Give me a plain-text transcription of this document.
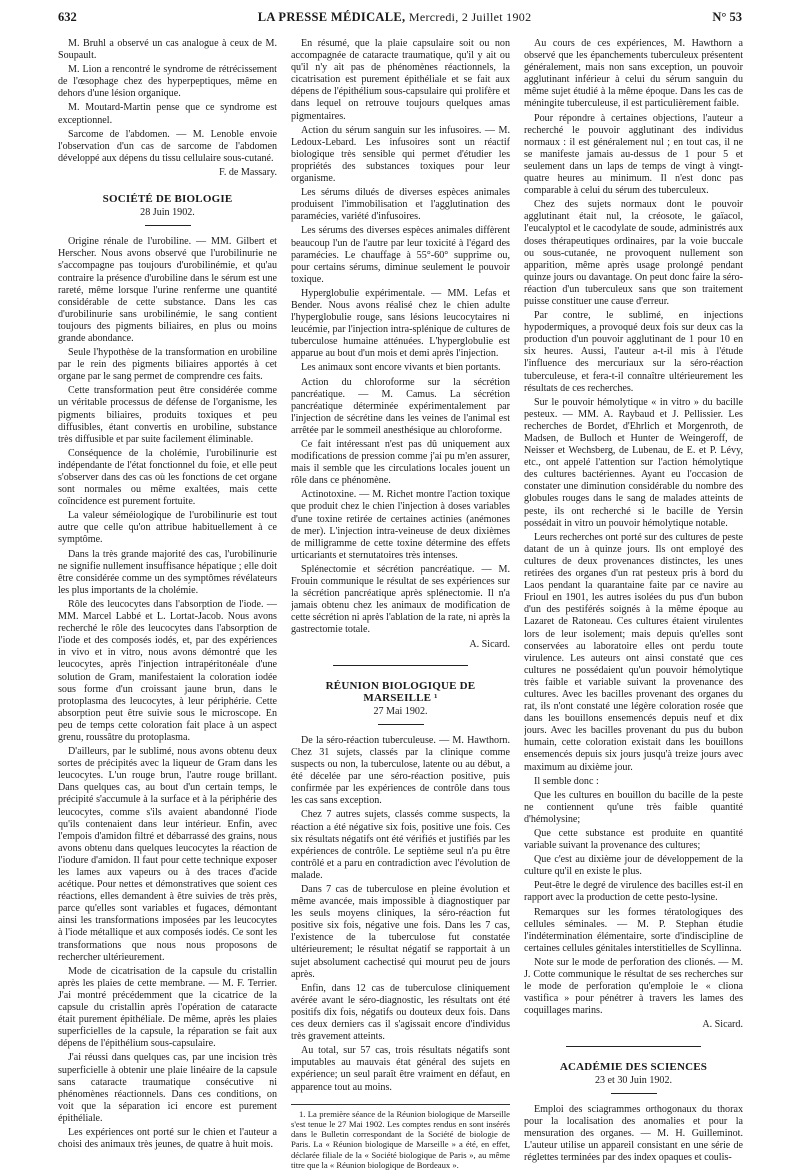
632	LA PRESSE MÉDICALE, Mercredi, 2 Juillet 1902	N° 53

M. Bruhl a observé un cas analogue à ceux de M. Soupault.

M. Lion a rencontré le syndrome de rétrécissement de l'œsophage chez des hyperpeptiques, même en dehors d'une lésion organique.

M. Moutard-Martin pense que ce syndrome est exceptionnel.

Sarcome de l'abdomen. — M. Lenoble envoie l'observation d'un cas de sarcome de l'abdomen développé aux dépens du tissu cellulaire sous-cutané.

F. de Massary.

SOCIÉTÉ DE BIOLOGIE
28 Juin 1902.

Origine rénale de l'urobiline. — MM. Gilbert et Herscher. Nous avons observé que l'urobilinurie ne s'accompagne pas toujours d'urobilinémie, et qu'au contraire la présence d'urobiline dans le sérum est une rareté, même lorsque l'urine renferme une quantité considérable de cette substance. Dans les cas d'urobilinurie sans urobilinémie, le sang contient toujours des pigments biliaires, en plus ou moins grande abondance.

Seule l'hypothèse de la transformation en urobiline par le rein des pigments biliaires apportés à cet organe par le sang permet de comprendre ces faits.

Cette transformation peut être considérée comme un véritable processus de défense de l'organisme, les pigments biliaires, produits toxiques et peu diffusibles, étant convertis en urobiline, substance très diffusible et par suite facilement éliminable.

Conséquence de la cholémie, l'urobilinurie est indépendante de l'état fonctionnel du foie, et elle peut s'observer dans des cas où les fonctions de cet organe sont normales ou même exaltées, mais cette coïncidence est purement fortuite.

La valeur séméiologique de l'urobilinurie est tout autre que celle qu'on attribue habituellement à ce symptôme.

Dans la très grande majorité des cas, l'urobilinurie ne signifie nullement insuffisance hépatique ; elle doit être considérée comme un des symptômes révélateurs les plus importants de la cholémie.

Rôle des leucocytes dans l'absorption de l'iode. — MM. Marcel Labbé et L. Lortat-Jacob. Nous avons recherché le rôle des leucocytes dans l'absorption de l'iode et des composés iodés, et, par des expériences in vivo et in vitro, nous avons démontré que les leucocytes, après l'injection intrapéritonéale d'une solution de Gram, manifestaient la coloration iodée sous forme d'un croissant jaune brun, dans le protoplasma des leucocytes, à leur périphérie. Cette absorption peut être suivie sous le microscope. En peu de temps cette coloration fait place à un aspect grenu, roussâtre du protoplasma.

D'ailleurs, par le sublimé, nous avons obtenu deux sortes de précipités avec la liqueur de Gram dans les leucocytes. L'un rouge brun, l'autre rouge brillant. Dans quelques cas, au bout d'un certain temps, le précipité s'accumule à la surface et à la périphérie des leucocytes, comme s'ils avaient abandonné l'iode qu'ils contenaient dans leur intérieur. Enfin, avec l'empois d'amidon filtré et débarrassé des grains, nous avons obtenu dans quelques leucocytes la réaction de l'iodure d'amidon. Il faut pour cette technique exposer les lames aux vapeurs ou à des traces d'acide acétique. Pour nettes et démonstratives que soient ces réactions, elles demandent à être suivies de très près, parce qu'elles sont variables et fugaces, démontant ainsi les transformations imposées par les leucocytes à l'iode métallique et aux composés iodés. Ce sont les transformations que nous nous proposons de rechercher ultérieurement.

Mode de cicatrisation de la capsule du cristallin après les plaies de cette membrane. — M. F. Terrier. J'ai montré précédemment que la cicatrice de la capsule du cristallin après l'opération de cataracte était purement épithéliale. De même, après les plaies superficielles de la capsule, la réparation se fait aux dépens de l'épithélium sous-capsulaire.

J'ai réussi dans quelques cas, par une incision très superficielle à obtenir une plaie linéaire de la capsule sans cataracte traumatique consécutive ni phénomènes réactionnels. Dans ces conditions, on voit que la séparation ici encore est purement épithéliale.

Les expériences ont porté sur le chien et l'auteur a choisi des animaux très jeunes, de quatre à huit mois.

En résumé, que la plaie capsulaire soit ou non accompagnée de cataracte traumatique, qu'il y ait ou qu'il n'y ait pas de phénomènes réactionnels, la cicatrisation est purement épithéliale et se fait aux dépens de l'épithélium sous-capsulaire qui prolifère et dans lequel on retrouve toujours quelques amas pigmentaires.

Action du sérum sanguin sur les infusoires. — M. Ledoux-Lebard. Les infusoires sont un réactif biologique très sensible qui permet d'étudier les propriétés des substances toxiques pour leur organisme.

Les sérums dilués de diverses espèces animales produisent l'immobilisation et l'agglutination des paramécies, variété d'infusoires.

Les sérums des diverses espèces animales diffèrent beaucoup l'un de l'autre par leur toxicité à l'égard des paramécies. Le chauffage à 55°-60° supprime ou, pour certains sérums, diminue seulement le pouvoir toxique.

Hyperglobulie expérimentale. — MM. Lefas et Bender. Nous avons réalisé chez le chien adulte l'hyperglobulie rouge, sans lésions leucocytaires ni leucémie, par l'injection intra-splénique de cultures de tuberculose humaine atténuées. L'hyperglobulie est apparue au bout d'un mois et demi après l'injection.

Les animaux sont encore vivants et bien portants.

Action du chloroforme sur la sécrétion pancréatique. — M. Camus. La sécrétion pancréatique déterminée expérimentalement par l'injection de sécrétine dans les veines de l'animal est arrêtée par le sommeil anesthésique au chloroforme.

Ce fait intéressant n'est pas dû uniquement aux modifications de pression comme j'ai pu m'en assurer, mais il semble que les circulations locales jouent un rôle dans ce phénomène.

Actinotoxine. — M. Richet montre l'action toxique que produit chez le chien l'injection à doses variables d'une toxine retirée de certaines actinies (anémones de mer). L'injection intra-veineuse de deux dixièmes de milligramme de cette toxine détermine des effets urticariants et sternutatoires très intenses.

Splénectomie et sécrétion pancréatique. — M. Frouin communique le résultat de ses expériences sur la sécrétion pancréatique après splénectomie. Il n'a jamais obtenu chez les animaux de modification de cette sécrétion ni après l'ablation de la rate, ni après la gastrectomie totale.

A. Sicard.

RÉUNION BIOLOGIQUE DE MARSEILLE ¹
27 Mai 1902.

De la séro-réaction tuberculeuse. — M. Hawthorn. Chez 31 sujets, classés par la clinique comme suspects ou non, la tuberculose, latente ou au début, a été décelée par une séro-réaction positive, puis confirmée par les expériences de contrôle dans tous les cas sans exception.

Chez 7 autres sujets, classés comme suspects, la réaction a été négative six fois, positive une fois. Ces six résultats négatifs ont été vérifiés et justifiés par les expériences de contrôle. Le septième seul n'a pu être contrôlé et a paru en contradiction avec l'évolution de malade.

Dans 7 cas de tuberculose en pleine évolution et même avancée, mais impossible à diagnostiquer par les seuls moyens cliniques, la séro-réaction fut positive six fois, négative une fois. Dans les 7 cas, l'existence de la tuberculose fut constatée ultérieurement; le résultat négatif se rapportait à un sujet absolument cachectisé qui mourut peu de jours après.

Enfin, dans 12 cas de tuberculose cliniquement avérée avant le séro-diagnostic, les résultats ont été positifs dix fois, négatifs ou douteux deux fois. Dans ces deux derniers cas il s'agissait encore d'individus très gravement atteints.

Au total, sur 57 cas, trois résultats négatifs sont imputables au mauvais état général des sujets en expérience; un seul paraît être vraiment en défaut, en apparence tout au moins.

1. La première séance de la Réunion biologique de Marseille s'est tenue le 27 Mai 1902. Les comptes rendus en sont insérés dans le Bulletin correspondant de la Société de biologie de Paris. La « Réunion biologique de Marseille » a été, en effet, déclarée filiale de la « Société biologique de Paris », au même titre que la « Réunion biologique de Bordeaux ».

Au cours de ces expériences, M. Hawthorn a observé que les épanchements tuberculeux présentent généralement, mais non sans exception, un pouvoir agglutinant inférieur à celui du sérum sanguin du même sujet étudié à la même époque. Dans les cas de méningite tuberculeuse, il est particulièrement faible.

Pour répondre à certaines objections, l'auteur a recherché le pouvoir agglutinant des individus normaux : il est généralement nul ; en tout cas, il ne se manifeste jamais au-dessus de 1 pour 5 et seulement dans un laps de temps de vingt à vingt-quatre heures au minimum. Il n'est donc pas comparable à celui du sérum des tuberculeux.

Chez des sujets normaux dont le pouvoir agglutinant était nul, la créosote, le gaïacol, l'eucalyptol et le cacodylate de soude, administrés aux doses thérapeutiques ordinaires, par la voie buccale ou sous-cutanée, ne provoquent nullement son apparition, même après usage prolongé pendant quinze jours ou davantage. On peut donc faire la séro-réaction d'un tuberculeux sans que son traitement puisse constituer une cause d'erreur.

Par contre, le sublimé, en injections hypodermiques, a provoqué deux fois sur deux cas la production d'un pouvoir agglutinant de 1 pour 10 en six heures. Aussi, l'auteur a-t-il mis à l'étude l'influence des mercuriaux sur la séro-réaction tuberculeuse, et fera-t-il connaître ultérieurement les résultats de ces recherches.

Sur le pouvoir hémolytique « in vitro » du bacille pesteux. — MM. A. Raybaud et J. Pellissier. Les recherches de Bordet, d'Ehrlich et Morgenroth, de Madsen, de Bulloch et Hunter de Weingeroff, de Neisser et Wechsberg, de Lubenau, de E. et P. Lévy, etc., ont appelé l'attention sur l'action hémolytique des cultures bactériennes. Ayant eu l'occasion de constater une diminution considérable du nombre des globules rouges dans le sang de malades atteints de peste, ils ont recherché si le bacille de Yersin possédait in vitro un pouvoir hémolytique notable.

Leurs recherches ont porté sur des cultures de peste datant de un à quinze jours. Ils ont employé des cultures de deux provenances distinctes, les unes retirées des organes d'un rat pesteux pris à bord du Laos pendant la quarantaine faite par ce navire au Frioul en 1901, les autres isolées du pus d'un bubon d'un des pestiférés soignés à la même époque au Lazaret de Ratoneau. Ces cultures étaient virulentes lors de leur isolement; mais depuis qu'elles sont conservées au laboratoire elles ont perdu toute virulence. Les auteurs ont ainsi constaté que ces cultures ne possédaient qu'un pouvoir hémolytique très faible et variable suivant la provenance des cultures. Avec les bacilles provenant des organes du rat, ils n'ont constaté une légère coloration rosée que dans les bouillons ensemencés depuis neuf et dix jours. Avec les bacilles provenant du pus du bubon humain, cette coloration existait dans les bouillons ensemencés depuis six jours jusqu'à treize jours avec maximum au dixième jour.

Il semble donc :

Que les cultures en bouillon du bacille de la peste ne contiennent qu'une très faible quantité d'hémolysine;

Que cette substance est produite en quantité variable suivant la provenance des cultures;

Que c'est au dixième jour de développement de la culture qu'il en existe le plus.

Peut-être le degré de virulence des bacilles est-il en rapport avec la production de cette pesto-lysine.

Remarques sur les formes tératologiques des cellules séminales. — M. P. Stephan étudie l'indétermination élémentaire, sorte d'indiscipline de certaines cellules génitales interstitielles de Scyllinna.

Note sur le mode de perforation des clionés. — M. J. Cotte communique le résultat de ses recherches sur le mode de perforation qu'emploie le « cliona vastifica » pour pénétrer à travers les lames des coquillages marins.

A. Sicard.

ACADÉMIE DES SCIENCES
23 et 30 Juin 1902.

Emploi des sciagrammes orthogonaux du thorax pour la localisation des anomalies et pour la mensuration des organes. — M. H. Guilleminot. L'auteur utilise un appareil consistant en une série de réglettes terminées par des index opaques et coulis-
